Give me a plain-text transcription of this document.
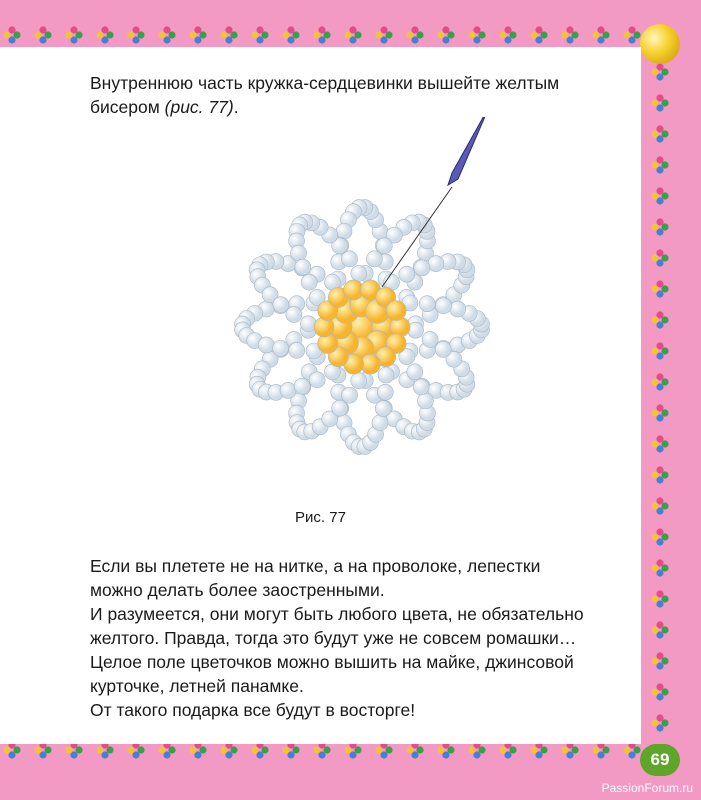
Внутреннюю часть кружка-сердцевинки вышейте желтым
бисером (рис. 77).

Рис. 77
Если вы плетете не на нитке, а на проволоке, лепестки
можно делать более заостренными.
И разумеется, они могут быть любого цвета, не обязательно
желтого. Правда, тогда это будут уже не совсем ромашки…
Целое поле цветочков можно вышить на майке, джинсовой
курточке, летней панамке.
От такого подарка все будут в восторге!
69
PassionForum.ru
